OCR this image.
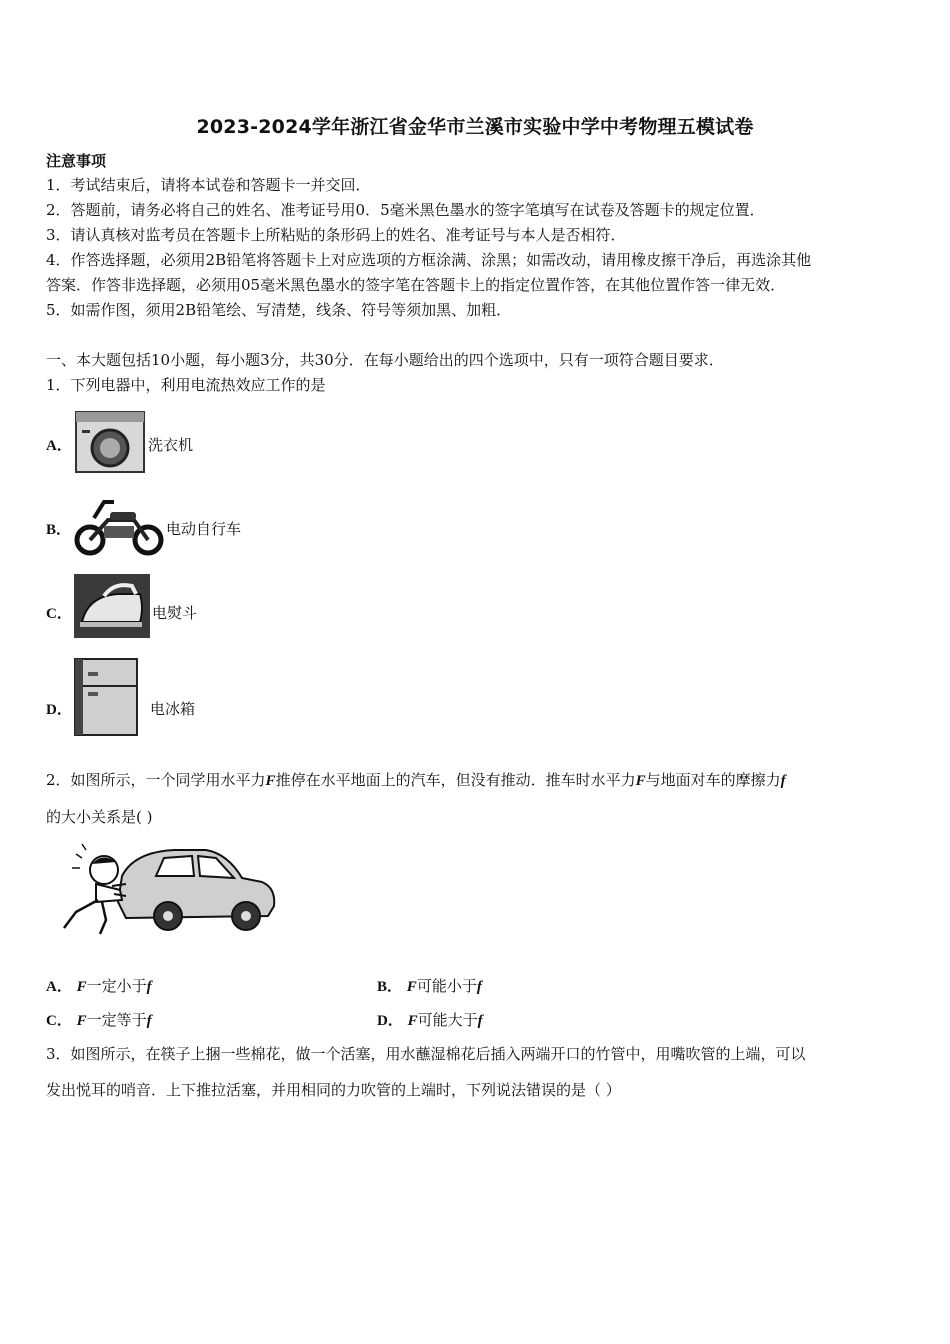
2023-2024学年浙江省金华市兰溪市实验中学中考物理五模试卷
注意事项
1．考试结束后，请将本试卷和答题卡一并交回．
2．答题前，请务必将自己的姓名、准考证号用0．5毫米黑色墨水的签字笔填写在试卷及答题卡的规定位置．
3．请认真核对监考员在答题卡上所粘贴的条形码上的姓名、准考证号与本人是否相符．
4．作答选择题，必须用2B铅笔将答题卡上对应选项的方框涂满、涂黑；如需改动，请用橡皮擦干净后，再选涂其他
答案．作答非选择题，必须用05毫米黑色墨水的签字笔在答题卡上的指定位置作答，在其他位置作答一律无效．
5．如需作图，须用2B铅笔绘、写清楚，线条、符号等须加黑、加粗．
一、本大题包括10小题，每小题3分，共30分．在每小题给出的四个选项中，只有一项符合题目要求．
1．下列电器中，利用电流热效应工作的是
A．	洗衣机
B．	电动自行车
C．	电熨斗
D．	电冰箱
2．如图所示，一个同学用水平力F推停在水平地面上的汽车，但没有推动．推车时水平力F与地面对车的摩擦力f
的大小关系是( )
A． F一定小于f	B． F可能小于f
C． F一定等于f	D． F可能大于f
3．如图所示，在筷子上捆一些棉花，做一个活塞，用水蘸湿棉花后插入两端开口的竹管中，用嘴吹管的上端，可以
发出悦耳的哨音．上下推拉活塞，并用相同的力吹管的上端时，下列说法错误的是（ ）
